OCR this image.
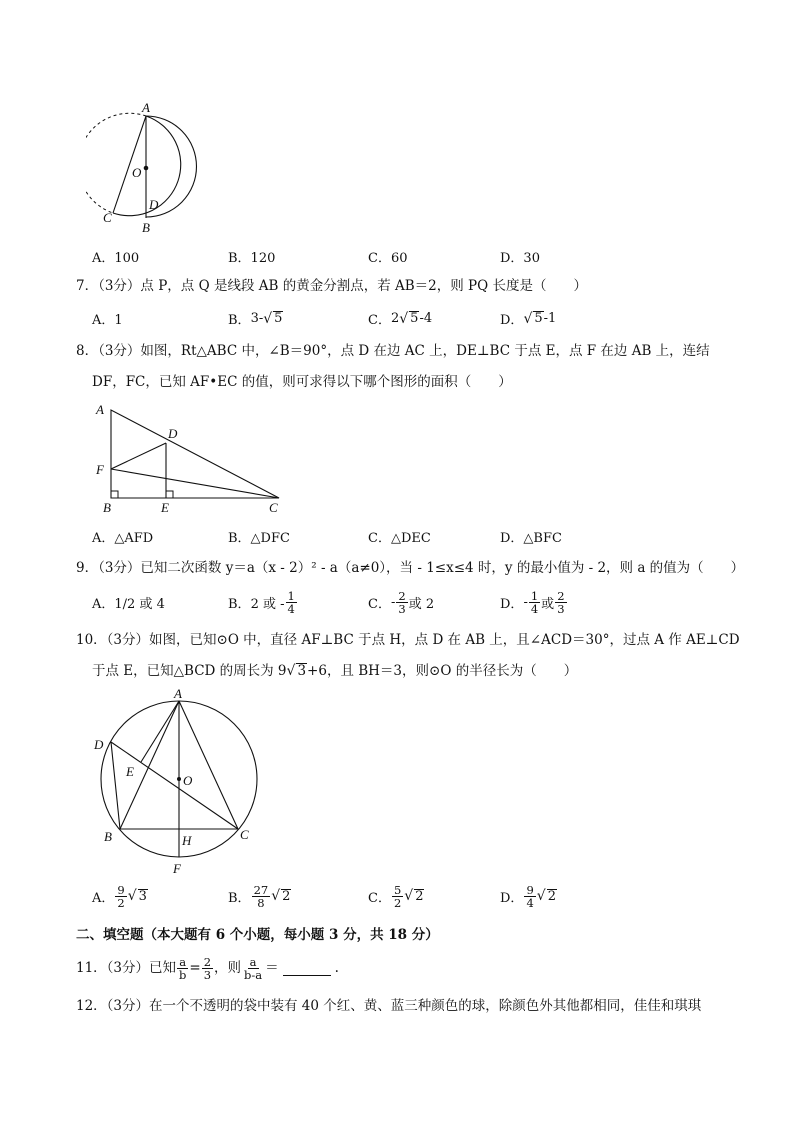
A
O
C
D
B
A．100	B．120	C．60	D．30
7．（3分）点 P，点 Q 是线段 AB 的黄金分割点，若 AB＝2，则 PQ 长度是（　　）
A．1	B． 3- √ 5	C． 2 √ 5 -4	D． √ 5 -1
8．（3分）如图，Rt△ABC 中，∠B＝90°，点 D 在边 AC 上，DE⊥BC 于点 E，点 F 在边 AB 上，连结
DF，FC，已知 AF•EC 的值，则可求得以下哪个图形的面积（　　）
A
D
F
B	E	C
A．△AFD	B．△DFC	C．△DEC	D．△BFC
9．（3分）已知二次函数 y＝a（x - 2）² - a（a≠0），当 - 1≤x≤4 时，y 的最小值为 - 2，则 a 的值为（　　）
A．1/2 或 4	B． 2 或 - $\frac{1}{4}$	C． - $\frac{2}{3}$ 或 2	D． - $\frac{1}{4}$ 或 $\frac{2}{3}$
10．（3分）如图，已知⊙O 中，直径 AF⊥BC 于点 H，点 D 在 AB 上，且∠ACD＝30°，过点 A 作 AE⊥CD
于点 E，已知△BCD 的周长为 9√ 3+6，且 BH＝3，则⊙O 的半径长为（　　）
A
D
E
O
B	H	C
F
A． $\frac{9}{2}$ √ 3	B． $\frac{27}{8}$ √ 2	C． $\frac{5}{2}$ √ 2	D． $\frac{9}{4}$ √ 2
二、填空题（本大题有 6 个小题，每小题 3 分，共 18 分）
11．（3分）已知 $\frac{a}{b} = \frac{2}{3}$ ，则 $\frac{a}{b-a}$ ＝	.
12．（3分）在一个不透明的袋中装有 40 个红、黄、蓝三种颜色的球，除颜色外其他都相同，佳佳和琪琪
